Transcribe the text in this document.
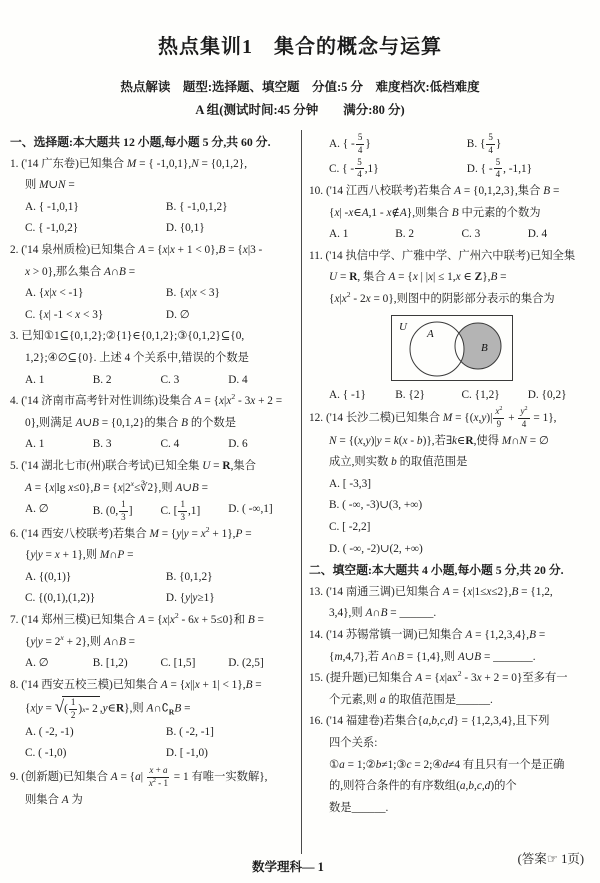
热点集训1　集合的概念与运算
热点解读　题型:选择题、填空题　分值:5 分　难度档次:低档难度
A 组(测试时间:45 分钟　　满分:80 分)
一、选择题:本大题共 12 小题,每小题 5 分,共 60 分.
1. ('14 广东卷)已知集合 M = { -1,0,1},N = {0,1,2},
则 M∪N =
A. { -1,0,1}	B. { -1,0,1,2}
C. { -1,0,2}	D. {0,1}
2. ('14 泉州质检)已知集合 A = {x|x + 1 < 0},B = {x|3 -
x > 0},那么集合 A∩B =
A. {x|x < -1}	B. {x|x < 3}
C. {x| -1 < x < 3}	D. ∅
3. 已知①1⊆{0,1,2};②{1}∈{0,1,2};③{0,1,2}⊆{0,
1,2};④∅⊆{0}. 上述 4 个关系中,错误的个数是
A. 1	B. 2	C. 3	D. 4
4. ('14 济南市高考针对性训练)设集合 $A = \{x|x^2 - 3x + 2$ =
0},则满足 A∪B = {0,1,2}的集合 B 的个数是
A. 1	B. 3	C. 4	D. 6
5. ('14 湖北七市(州)联合考试)已知全集 U = R,集合
A = {x|lg $x\le 0\},B = \{x|2^x\le∛2\}$,则 A∪B =
A. ∅	B. (0, $\frac{1}{3}$ ]	C. [ $\frac{1}{3} ,1$]	D. ( -∞,1]
6. ('14 西安八校联考)若集合 $M = \{y|y = x^2 + 1\},P$ =
{y|y = x + 1},则 M∩P =
A. {(0,1)}	B. {0,1,2}
C. {(0,1),(1,2)}	D. {y|y≥1}
7. ('14 郑州三模)已知集合 $A = \{x|x^2 - 6x + 5\le 0\}$和 B =
$\{y|y = 2^x + 2\}$,则 A∩B =
A. ∅	B. [1,2)	C. [1,5]	D. (2,5]
8. ('14 西安五校三模)已知集合 A = {x||x + 1| < 1},B =
{x|y = √ ( $\frac{1}{2}$ ) x - 2 ,y∈R},则 $A\cap∁_RB$ =
A. ( -2, -1)	B. ( -2, -1]
C. ( -1,0)	D. [ -1,0)
9. (创新题)已知集合 $A = \{a| \frac{x + a}{x^2 - 1} = 1$ 有唯一实数解},
则集合 A 为
A. { - $\frac{5}{4}$ }	B. { $\frac{5}{4}$ }
C. { - $\frac{5}{4} ,1$}	D. { - $\frac{5}{4}$ , -1,1}
10. ('14 江西八校联考)若集合 A = {0,1,2,3},集合 B =
{x| -x∈A,1 - x∉A},则集合 B 中元素的个数为
A. 1	B. 2	C. 3	D. 4
11. ('14 执信中学、广雅中学、广州六中联考)已知全集
U = R, 集合 A = {x | |x| ≤ 1,x ∈ Z},B =
$\{x|x^2 - 2x = 0\}$,则图中的阴影部分表示的集合为
U
A
B
A. { -1}	B. {2}	C. {1,2}	D. {0,2}
12. ('14 长沙二模)已知集合 $M = \{(x,y)| \frac{x^2}{9} + \frac{y^2}{4} = 1\}$,
N = {(x,y)|y = k(x - b)},若∃k∈R,使得 M∩N = ∅
成立,则实数 b 的取值范围是
A. [ -3,3]
B. ( -∞, -3)∪(3, +∞)
C. [ -2,2]
D. ( -∞, -2)∪(2, +∞)
二、填空题:本大题共 4 小题,每小题 5 分,共 20 分.
13. ('14 南通三调)已知集合 A = {x|1≤x≤2},B = {1,2,
3,4},则 A∩B = ______.
14. ('14 苏锡常镇一调)已知集合 A = {1,2,3,4},B =
{m,4,7},若 A∩B = {1,4},则 A∪B = _______.
15. (提升题)已知集合 $A = \{x|ax^2 - 3x + 2 = 0\}$至多有一
个元素,则 a 的取值范围是______.
16. ('14 福建卷)若集合{a,b,c,d} = {1,2,3,4},且下列
四个关系:
①a = 1;②b≠1;③c = 2;④d≠4 有且只有一个是正确
的,则符合条件的有序数组(a,b,c,d)的个
数是______.
数学理科— 1
(答案☞ 1页)
